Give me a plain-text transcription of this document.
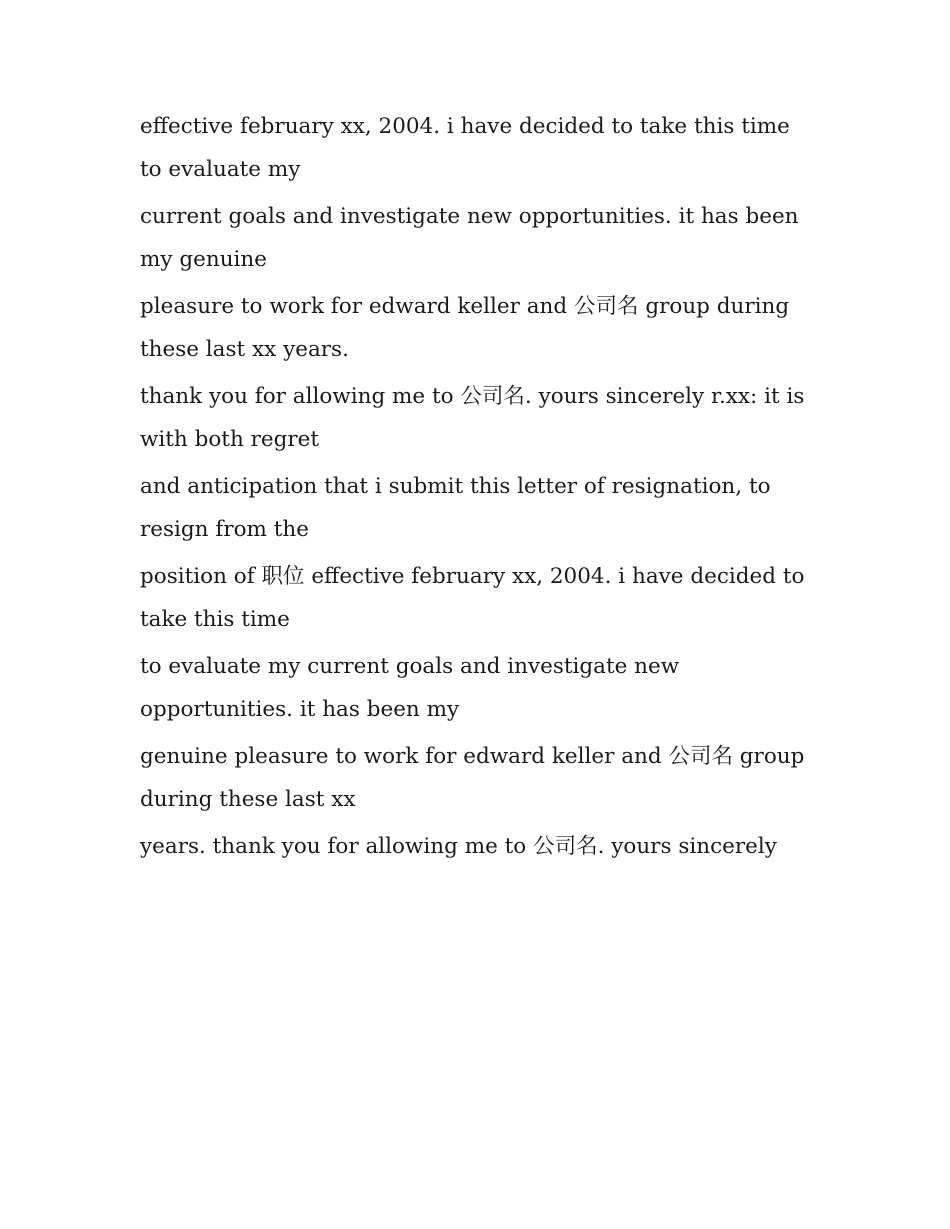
effective february xx, 2004. i have decided to take this time to evaluate my

current goals and investigate new opportunities. it has been my genuine

pleasure to work for edward keller and 公司名 group during these last xx years.

thank you for allowing me to 公司名. yours sincerely r.xx: it is with both regret

and anticipation that i submit this letter of resignation, to resign from the

position of 职位 effective february xx, 2004. i have decided to take this time

to evaluate my current goals and investigate new opportunities. it has been my

genuine pleasure to work for edward keller and 公司名 group during these last xx

years. thank you for allowing me to 公司名. yours sincerely
